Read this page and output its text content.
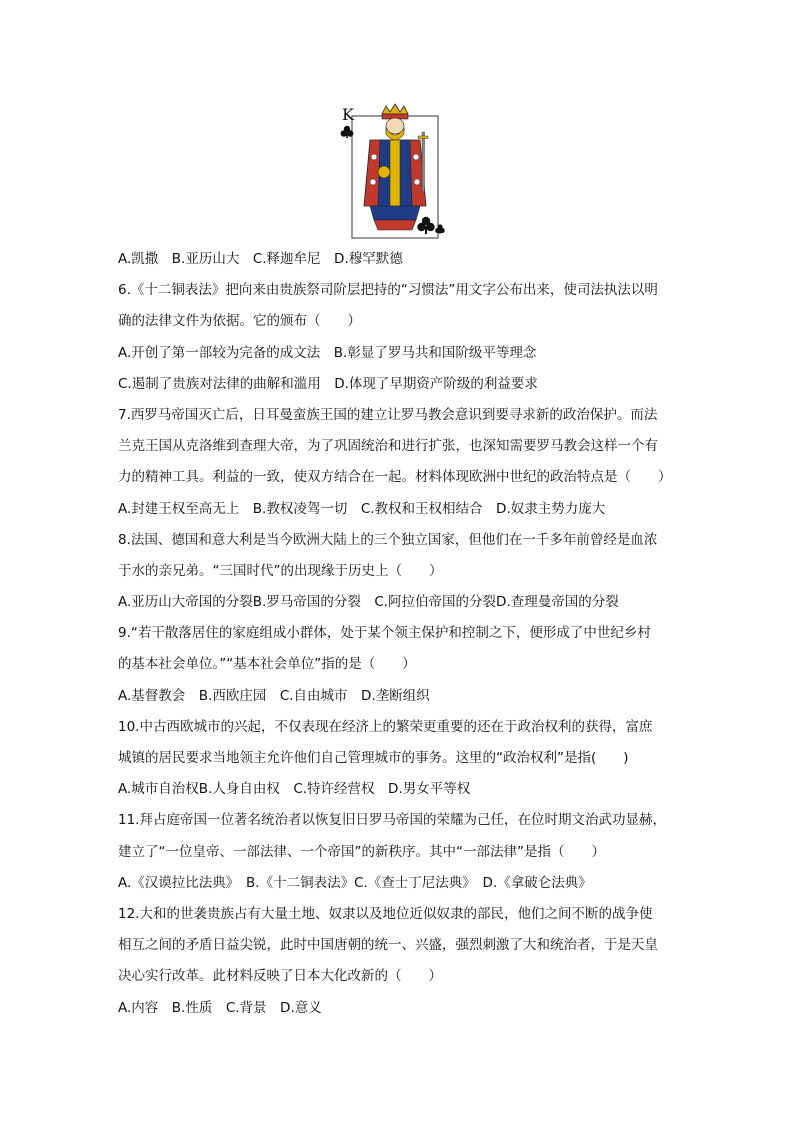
K
A.凯撒　B.亚历山大　C.释迦牟尼　D.穆罕默德
6.《十二铜表法》把向来由贵族祭司阶层把持的“习惯法”用文字公布出来，使司法执法以明
确的法律文件为依据。它的颁布（　　）
A.开创了第一部较为完备的成文法　B.彰显了罗马共和国阶级平等理念
C.遏制了贵族对法律的曲解和滥用　D.体现了早期资产阶级的利益要求
7.西罗马帝国灭亡后，日耳曼蛮族王国的建立让罗马教会意识到要寻求新的政治保护。而法
兰克王国从克洛维到查理大帝，为了巩固统治和进行扩张，也深知需要罗马教会这样一个有
力的精神工具。利益的一致，使双方结合在一起。材料体现欧洲中世纪的政治特点是（　　）
A.封建王权至高无上　B.教权凌驾一切　C.教权和王权相结合　D.奴隶主势力庞大
8.法国、德国和意大利是当今欧洲大陆上的三个独立国家，但他们在一千多年前曾经是血浓
于水的亲兄弟。“三国时代”的出现缘于历史上（　　）
A.亚历山大帝国的分裂B.罗马帝国的分裂　C.阿拉伯帝国的分裂D.查理曼帝国的分裂
9.“若干散落居住的家庭组成小群体，处于某个领主保护和控制之下，便形成了中世纪乡村
的基本社会单位。”“基本社会单位”指的是（　　）
A.基督教会　B.西欧庄园　C.自由城市　D.垄断组织
10.中古西欧城市的兴起，不仅表现在经济上的繁荣更重要的还在于政治权利的获得，富庶
城镇的居民要求当地领主允许他们自己管理城市的事务。这里的“政治权利”是指(　　)
A.城市自治权B.人身自由权　C.特许经营权　D.男女平等权
11.拜占庭帝国一位著名统治者以恢复旧日罗马帝国的荣耀为己任，在位时期文治武功显赫，
建立了“一位皇帝、一部法律、一个帝国”的新秩序。其中“一部法律”是指（　　）
A.《汉谟拉比法典》　B.《十二铜表法》C.《查士丁尼法典》　D.《拿破仑法典》
12.大和的世袭贵族占有大量土地、奴隶以及地位近似奴隶的部民，他们之间不断的战争使
相互之间的矛盾日益尖锐，此时中国唐朝的统一、兴盛，强烈刺激了大和统治者，于是天皇
决心实行改革。此材料反映了日本大化改新的（　　）
A.内容　B.性质　C.背景　D.意义
